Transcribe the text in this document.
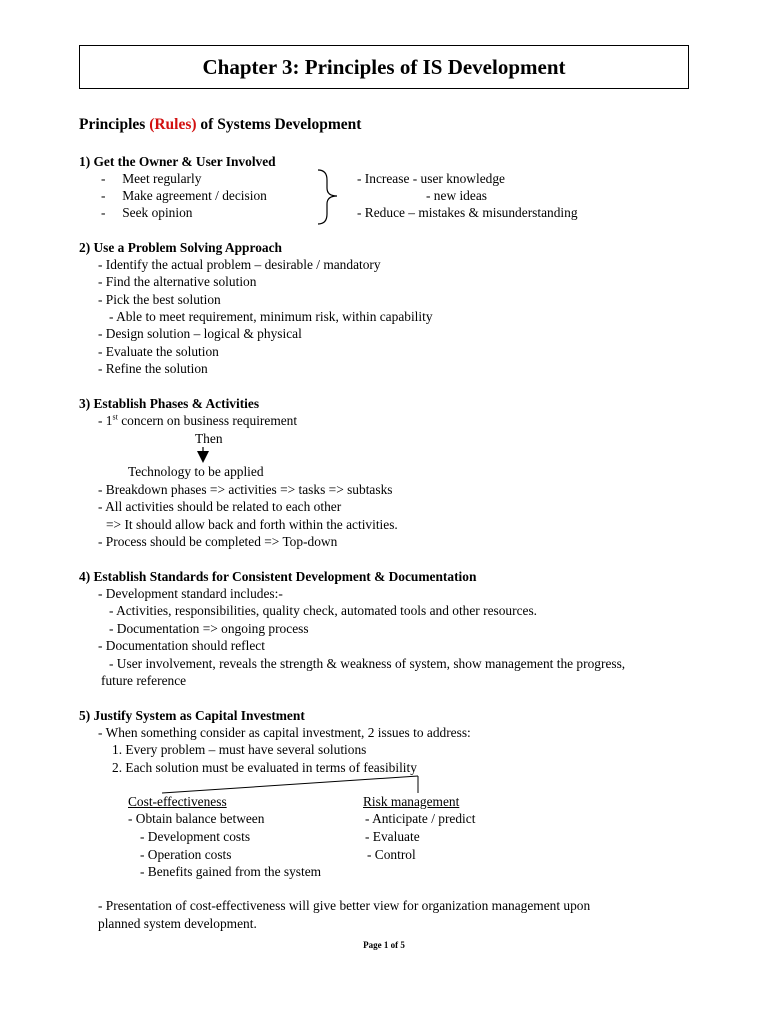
Chapter 3: Principles of IS Development
Principles (Rules) of Systems Development
1) Get the Owner & User Involved
-     Meet regularly
-     Make agreement / decision
-     Seek opinion
- Increase - user knowledge
- new ideas
- Reduce – mistakes & misunderstanding
2) Use a Problem Solving Approach
- Identify the actual problem – desirable / mandatory
- Find the alternative solution
- Pick the best solution
- Able to meet requirement, minimum risk, within capability
- Design solution – logical & physical
- Evaluate the solution
- Refine the solution
3) Establish Phases & Activities
- 1st concern on business requirement
Then
Technology to be applied
- Breakdown phases => activities => tasks => subtasks
- All activities should be related to each other
=> It should allow back and forth within the activities.
- Process should be completed => Top-down
4) Establish Standards for Consistent Development & Documentation
- Development standard includes:-
- Activities, responsibilities, quality check, automated tools and other resources.
- Documentation => ongoing process
- Documentation should reflect
- User involvement, reveals the strength & weakness of system, show management the progress,
future reference
5) Justify System as Capital Investment
- When something consider as capital investment, 2 issues to address:
1. Every problem – must have several solutions
2. Each solution must be evaluated in terms of feasibility
Cost-effectiveness
- Obtain balance between
- Development costs
- Operation costs
- Benefits gained from the system
Risk management
- Anticipate / predict
- Evaluate
- Control
- Presentation of cost-effectiveness will give better view for organization management upon
planned system development.
Page 1 of 5
